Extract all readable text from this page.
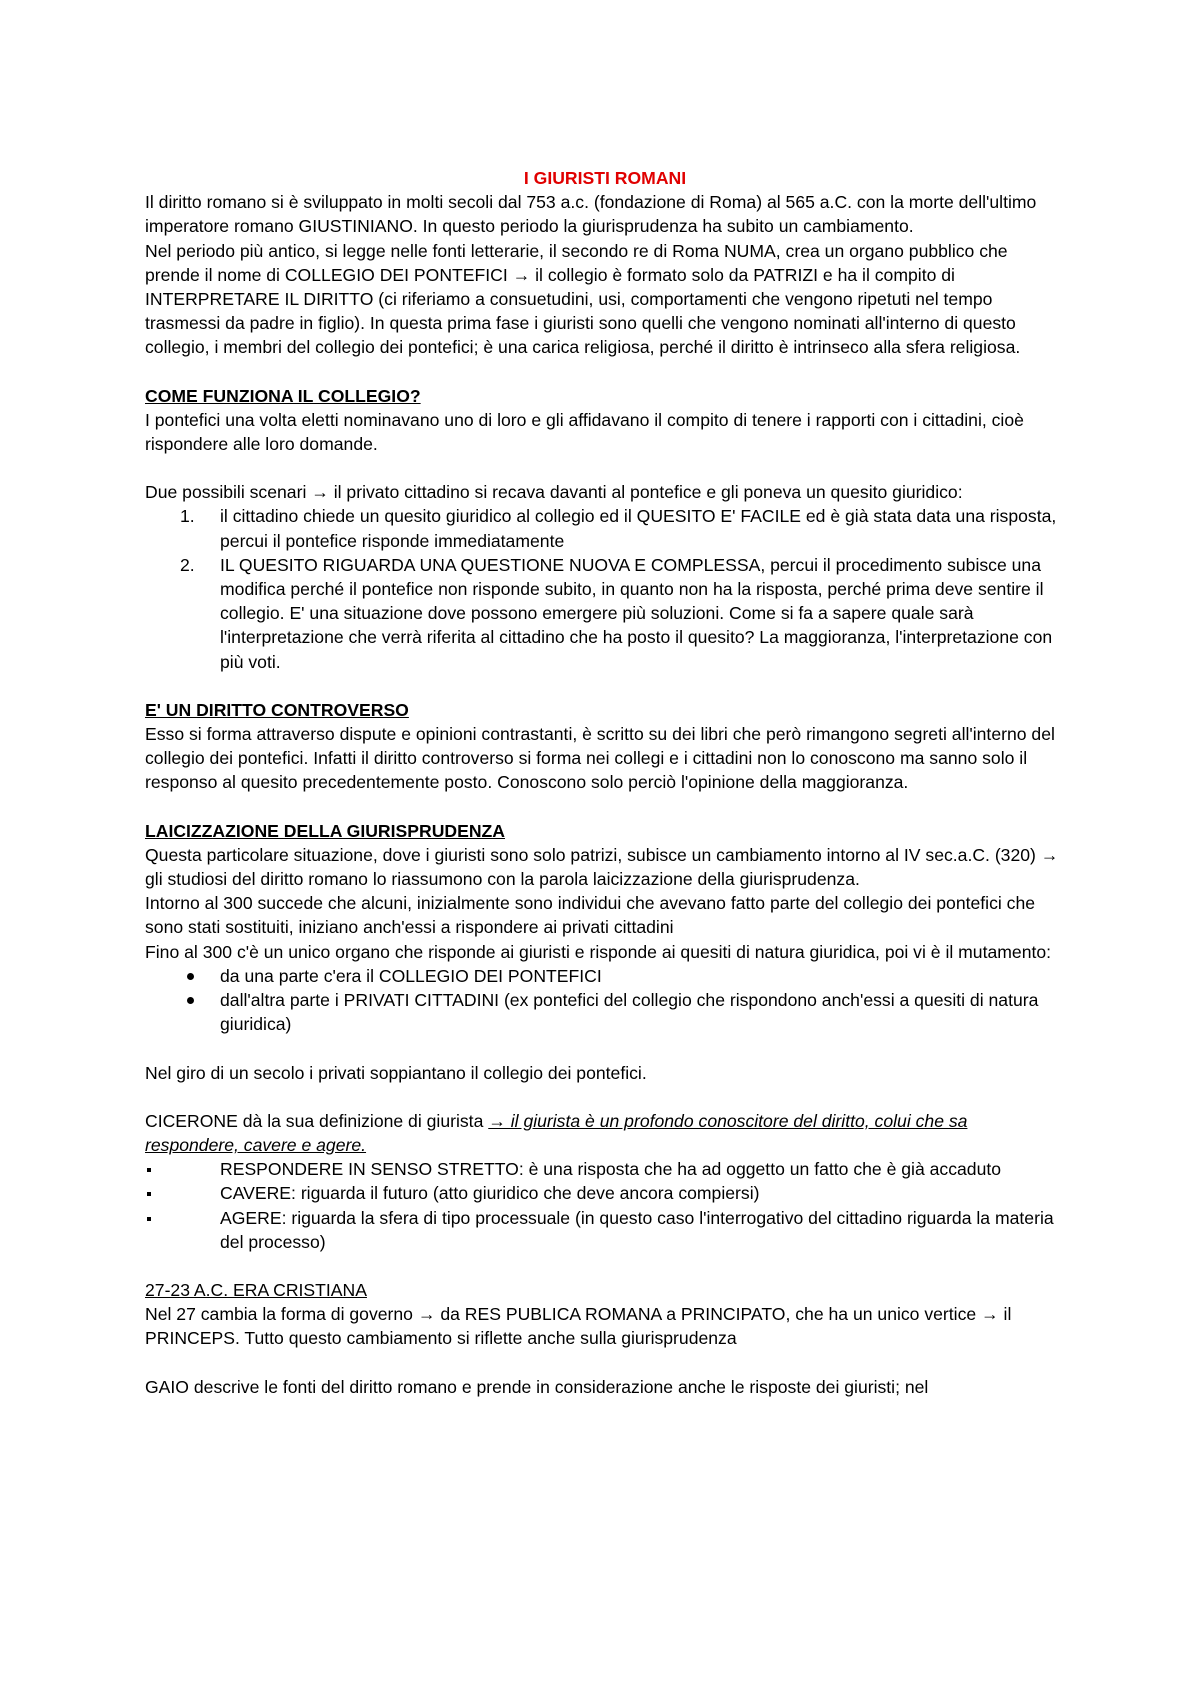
I GIURISTI ROMANI

Il diritto romano si è sviluppato in molti secoli dal 753 a.c. (fondazione di Roma) al 565 a.C. con la morte dell'ultimo imperatore romano GIUSTINIANO. In questo periodo la giurisprudenza ha subito un cambiamento.

Nel periodo più antico, si legge nelle fonti letterarie, il secondo re di Roma NUMA, crea un organo pubblico che prende il nome di COLLEGIO DEI PONTEFICI → il collegio è formato solo da PATRIZI e ha il compito di INTERPRETARE IL DIRITTO (ci riferiamo a consuetudini, usi, comportamenti che vengono ripetuti nel tempo trasmessi da padre in figlio). In questa prima fase i giuristi sono quelli che vengono nominati all'interno di questo collegio, i membri del collegio dei pontefici; è una carica religiosa, perché il diritto è intrinseco alla sfera religiosa.

COME FUNZIONA IL COLLEGIO?

I pontefici una volta eletti nominavano uno di loro e gli affidavano il compito di tenere i rapporti con i cittadini, cioè rispondere alle loro domande.

Due possibili scenari → il privato cittadino si recava davanti al pontefice e gli poneva un quesito giuridico:

1. il cittadino chiede un quesito giuridico al collegio ed il QUESITO E' FACILE ed è già stata data una risposta, percui il pontefice risponde immediatamente
2. IL QUESITO RIGUARDA UNA QUESTIONE NUOVA E COMPLESSA, percui il procedimento subisce una modifica perché il pontefice non risponde subito, in quanto non ha la risposta, perché prima deve sentire il collegio. E' una situazione dove possono emergere più soluzioni. Come si fa a sapere quale sarà l'interpretazione che verrà riferita al cittadino che ha posto il quesito? La maggioranza, l'interpretazione con più voti.

E' UN DIRITTO CONTROVERSO

Esso si forma attraverso dispute e opinioni contrastanti, è scritto su dei libri che però rimangono segreti all'interno del collegio dei pontefici. Infatti il diritto controverso si forma nei collegi e i cittadini non lo conoscono ma sanno solo il responso al quesito precedentemente posto. Conoscono solo perciò l'opinione della maggioranza.

LAICIZZAZIONE DELLA GIURISPRUDENZA

Questa particolare situazione, dove i giuristi sono solo patrizi, subisce un cambiamento intorno al IV sec.a.C. (320) → gli studiosi del diritto romano lo riassumono con la parola laicizzazione della giurisprudenza.

Intorno al 300 succede che alcuni, inizialmente sono individui che avevano fatto parte del collegio dei pontefici che sono stati sostituiti, iniziano anch'essi a rispondere ai privati cittadini

Fino al 300 c'è un unico organo che risponde ai giuristi e risponde ai quesiti di natura giuridica, poi vi è il mutamento:

da una parte c'era il COLLEGIO DEI PONTEFICI
dall'altra parte i PRIVATI CITTADINI (ex pontefici del collegio che rispondono anch'essi a quesiti di natura giuridica)

Nel giro di un secolo i privati soppiantano il collegio dei pontefici.

CICERONE dà la sua definizione di giurista → il giurista è un profondo conoscitore del diritto, colui che sa respondere, cavere e agere.

RESPONDERE IN SENSO STRETTO: è una risposta che ha ad oggetto un fatto che è già accaduto
CAVERE: riguarda il futuro (atto giuridico che deve ancora compiersi)
AGERE: riguarda la sfera di tipo processuale (in questo caso l'interrogativo del cittadino riguarda la materia del processo)

27-23 A.C. ERA CRISTIANA

Nel 27 cambia la forma di governo → da RES PUBLICA ROMANA a PRINCIPATO, che ha un unico vertice → il PRINCEPS. Tutto questo cambiamento si riflette anche sulla giurisprudenza

GAIO descrive le fonti del diritto romano e prende in considerazione anche le risposte dei giuristi; nel
